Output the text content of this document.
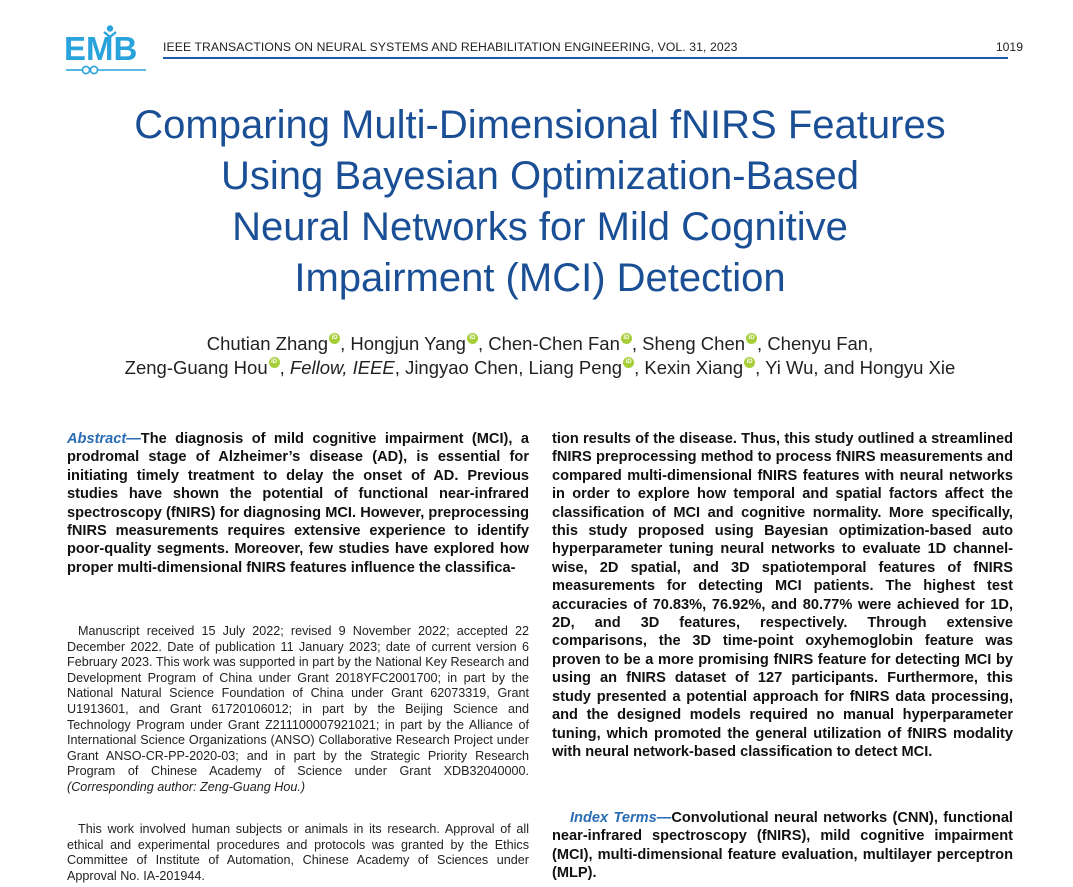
EMB IEEE TRANSACTIONS ON NEURAL SYSTEMS AND REHABILITATION ENGINEERING, VOL. 31, 2023	1019
Comparing Multi-Dimensional fNIRS Features
Using Bayesian Optimization-Based
Neural Networks for Mild Cognitive
Impairment (MCI) Detection
Chutian Zhang iD , Hongjun Yang iD , Chen-Chen Fan iD , Sheng Chen iD , Chenyu Fan,
Zeng-Guang Hou iD , Fellow, IEEE, Jingyao Chen, Liang Peng iD , Kexin Xiang iD , Yi Wu, and Hongyu Xie

Abstract—The diagnosis of mild cognitive impairment (MCI), a prodromal stage of Alzheimer’s disease (AD), is essential for initiating timely treatment to delay the onset of AD. Previous studies have shown the potential of functional near-infrared spectroscopy (fNIRS) for diagnosing MCI. However, preprocessing fNIRS measurements requires extensive experience to identify poor-quality segments. Moreover, few studies have explored how proper multi-dimensional fNIRS features influence the classifica-

Manuscript received 15 July 2022; revised 9 November 2022; accepted 22 December 2022. Date of publication 11 January 2023; date of current version 6 February 2023. This work was supported in part by the National Key Research and Development Program of China under Grant 2018YFC2001700; in part by the National Natural Science Foundation of China under Grant 62073319, Grant U1913601, and Grant 61720106012; in part by the Beijing Science and Technology Program under Grant Z211100007921021; in part by the Alliance of International Science Organizations (ANSO) Collaborative Research Project under Grant ANSO-CR-PP-2020-03; and in part by the Strategic Priority Research Program of Chinese Academy of Science under Grant XDB32040000. (Corresponding author: Zeng-Guang Hou.)

This work involved human subjects or animals in its research. Approval of all ethical and experimental procedures and protocols was granted by the Ethics Committee of Institute of Automation, Chinese Academy of Sciences under Approval No. IA-201944.

tion results of the disease. Thus, this study outlined a streamlined fNIRS preprocessing method to process fNIRS measurements and compared multi-dimensional fNIRS features with neural networks in order to explore how temporal and spatial factors affect the classification of MCI and cognitive normality. More specifically, this study proposed using Bayesian optimization-based auto hyperparameter tuning neural networks to evaluate 1D channel-wise, 2D spatial, and 3D spatiotemporal features of fNIRS measurements for detecting MCI patients. The highest test accuracies of 70.83%, 76.92%, and 80.77% were achieved for 1D, 2D, and 3D features, respectively. Through extensive comparisons, the 3D time-point oxyhemoglobin feature was proven to be a more promising fNIRS feature for detecting MCI by using an fNIRS dataset of 127 participants. Furthermore, this study presented a potential approach for fNIRS data processing, and the designed models required no manual hyperparameter tuning, which promoted the general utilization of fNIRS modality with neural network-based classification to detect MCI.

Index Terms—Convolutional neural networks (CNN), functional near-infrared spectroscopy (fNIRS), mild cognitive impairment (MCI), multi-dimensional feature evaluation, multilayer perceptron (MLP).
